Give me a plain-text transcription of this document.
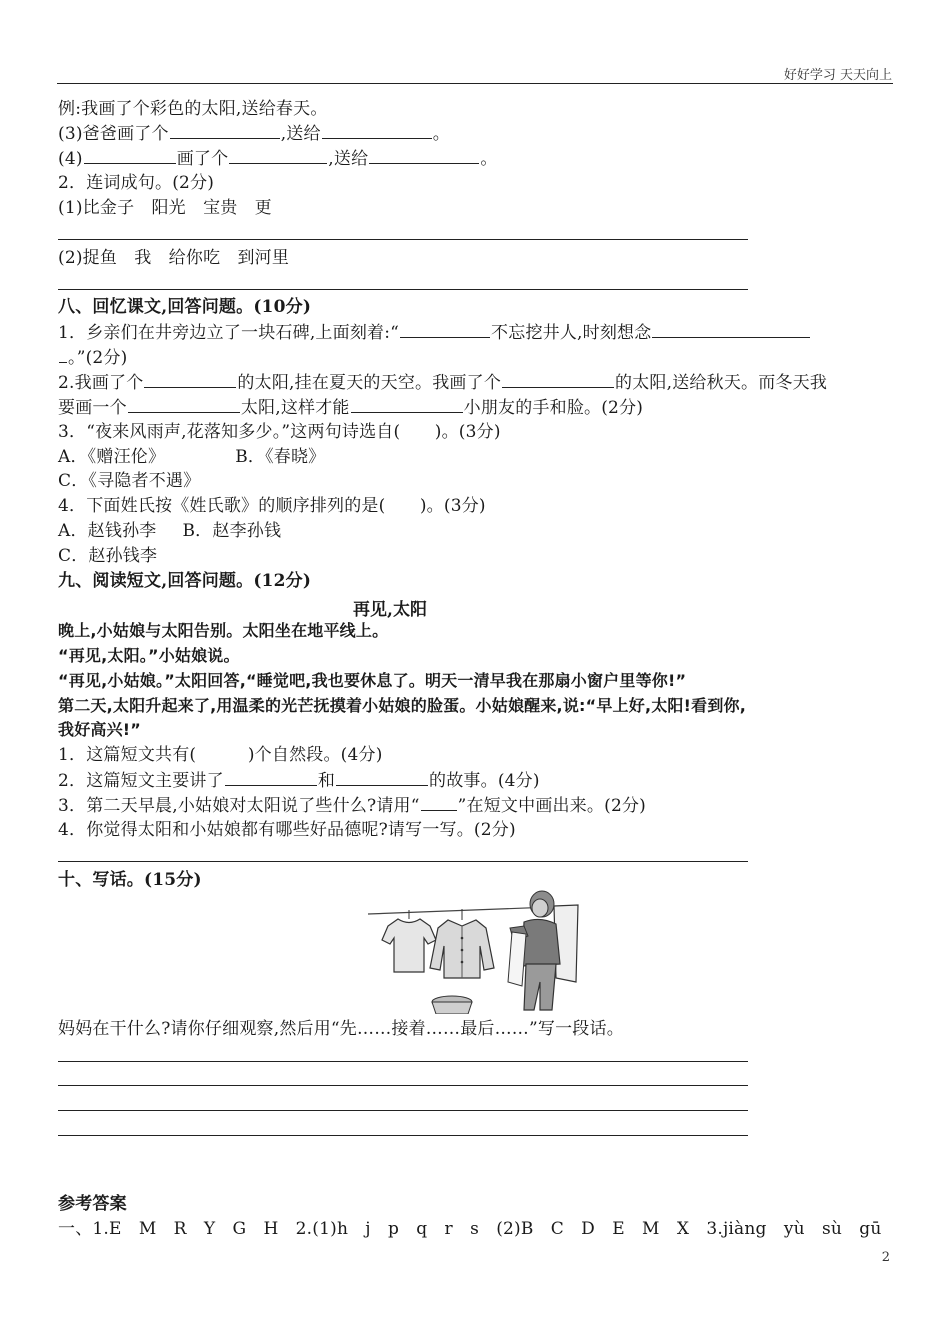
好好学习 天天向上
例:我画了个彩色的太阳,送给春天。
(3)爸爸画了个	,送给	。
(4)	画了个	,送给	。
2．连词成句。(2分)
(1)比金子　阳光　宝贵　更
(2)捉鱼　我　给你吃　到河里
八、回忆课文,回答问题。(10分)
1．乡亲们在井旁边立了一块石碑,上面刻着:“	不忘挖井人,时刻想念
。”(2分)
2.我画了个	的太阳,挂在夏天的天空。我画了个	的太阳,送给秋天。而冬天我
要画一个	太阳,这样才能	小朋友的手和脸。(2分)
3．“夜来风雨声,花落知多少。”这两句诗选自(　　)。(3分)
A．《赠汪伦》	B．《春晓》
C．《寻隐者不遇》
4．下面姓氏按《姓氏歌》的顺序排列的是(　　)。(3分)
A．赵钱孙李 B．赵李孙钱
C．赵孙钱李
九、阅读短文,回答问题。(12分)
再见,太阳
晚上,小姑娘与太阳告别。太阳坐在地平线上。
“再见,太阳。”小姑娘说。
“再见,小姑娘。”太阳回答,“睡觉吧,我也要休息了。明天一清早我在那扇小窗户里等你!”
第二天,太阳升起来了,用温柔的光芒抚摸着小姑娘的脸蛋。小姑娘醒来,说:“早上好,太阳!看到你,
我好高兴!”
1．这篇短文共有(　　　)个自然段。(4分)
2．这篇短文主要讲了	和	的故事。(4分)
3．第二天早晨,小姑娘对太阳说了些什么?请用“ ”在短文中画出来。(2分)
4．你觉得太阳和小姑娘都有哪些好品德呢?请写一写。(2分)
十、写话。(15分)
妈妈在干什么?请你仔细观察,然后用“先……接着……最后……”写一段话。
参考答案
一、1.E　M　R　Y　G　H　2.(1)h　j　p　q　r　s　(2)B　C　D　E　M　X　3.jiàng　yù　sù　gū
2
